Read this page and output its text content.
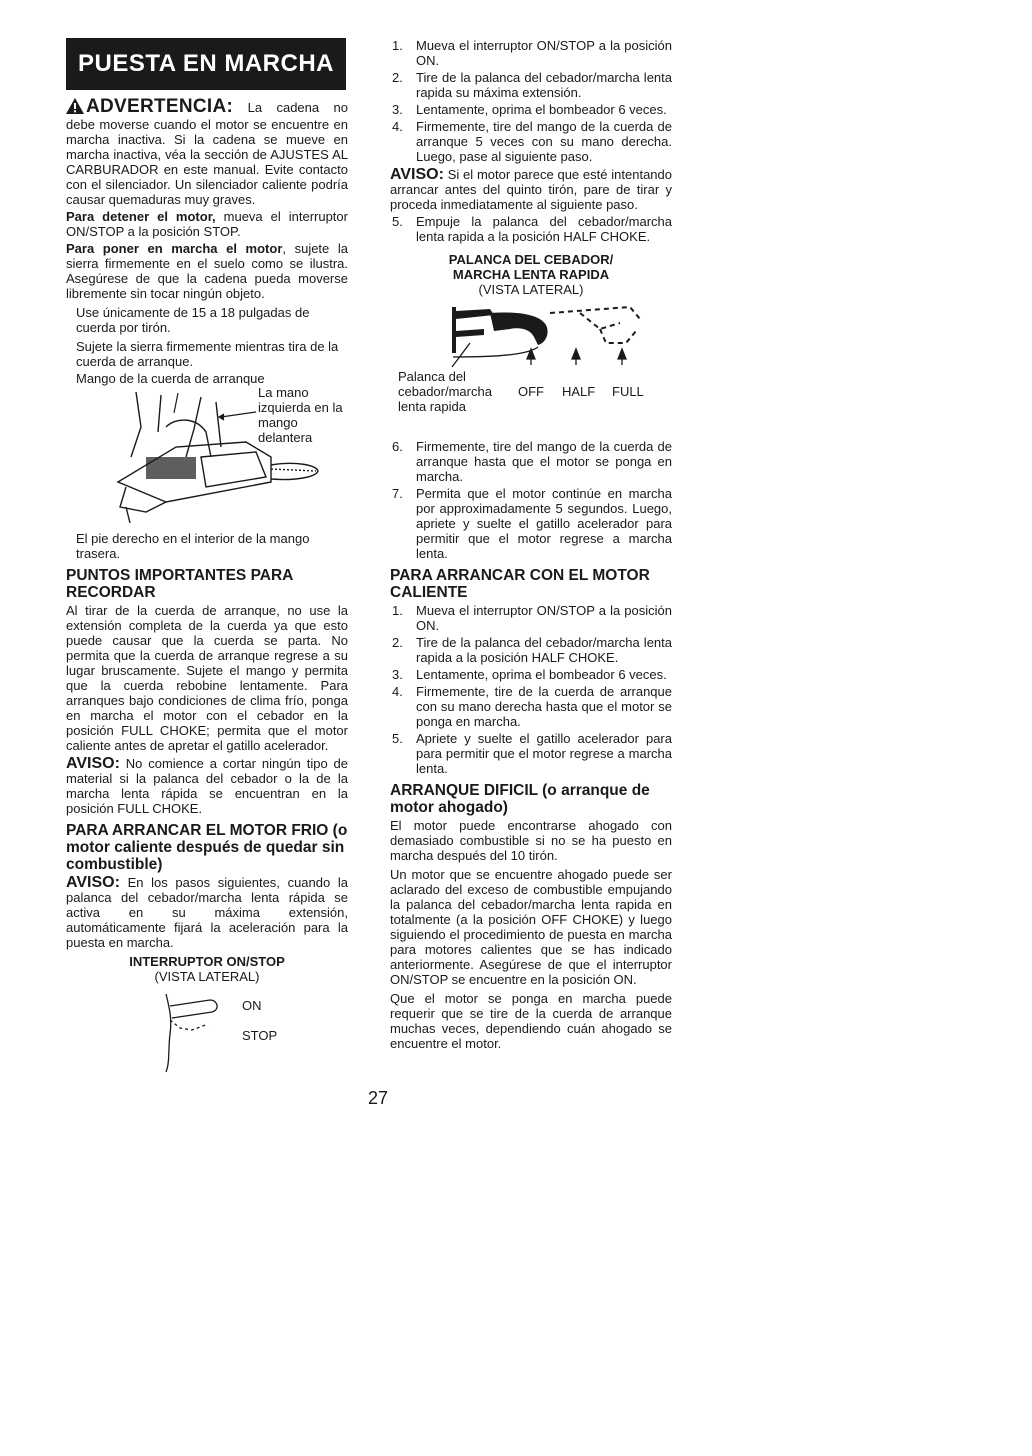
PUESTA EN MARCHA

ADVERTENCIA: La cadena no debe moverse cuando el motor se encuentre en marcha inactiva. Si la cadena se mueve en marcha inactiva, véa la sección de AJUSTES AL CARBURADOR en este manual. Evite contacto con el silenciador. Un silenciador caliente podría causar quemaduras muy graves.

Para detener el motor, mueva el interruptor ON/STOP a la posición STOP.

Para poner en marcha el motor, sujete la sierra firmemente en el suelo como se ilustra. Asegúrese de que la cadena pueda moverse libremente sin tocar ningún objeto.

Use únicamente de 15 a 18 pulgadas de cuerda por tirón.

Sujete la sierra firmemente mientras tira de la cuerda de arranque.

Mango de la cuerda de arranque
La mano izquierda en la mango delantera

El pie derecho en el interior de la mango trasera.

PUNTOS IMPORTANTES PARA RECORDAR

Al tirar de la cuerda de arranque, no use la extensión completa de la cuerda ya que esto puede causar que la cuerda se parta. No permita que la cuerda de arranque regrese a su lugar bruscamente. Sujete el mango y permita que la cuerda rebobine lentamente. Para arranques bajo condiciones de clima frío, ponga en marcha el motor con el cebador en la posición FULL CHOKE; permita que el motor caliente antes de apretar el gatillo acelerador.

AVISO: No comience a cortar ningún tipo de material si la palanca del cebador o la de la marcha lenta rápida se encuentran en la posición FULL CHOKE.

PARA ARRANCAR EL MOTOR FRIO (o motor caliente después de quedar sin combustible)

AVISO: En los pasos siguientes, cuando la palanca del cebador/marcha lenta rápida se activa en su máxima extensión, automáticamente fijará la aceleración para la puesta en marcha.

INTERRUPTOR ON/STOP

(VISTA LATERAL)

ON
STOP
1. Mueva el interruptor ON/STOP a la posición ON.
2. Tire de la palanca del cebador/marcha lenta rapida su máxima extensión.
3. Lentamente, oprima el bombeador 6 veces.
4. Firmemente, tire del mango de la cuerda de arranque 5 veces con su mano derecha. Luego, pase al siguiente paso.

AVISO: Si el motor parece que esté intentando arrancar antes del quinto tirón, pare de tirar y proceda inmediatamente al siguiente paso.

5. Empuje la palanca del cebador/marcha lenta rapida a la posición HALF CHOKE.

PALANCA DEL CEBADOR/

MARCHA LENTA RAPIDA

(VISTA LATERAL)

Palanca del cebador/marcha lenta rapida
OFF HALF FULL
6. Firmemente, tire del mango de la cuerda de arranque hasta que el motor se ponga en marcha.
7. Permita que el motor continúe en marcha por approximadamente 5 segundos. Luego, apriete y suelte el gatillo acelerador para permitir que el motor regrese a marcha lenta.
PARA ARRANCAR CON EL MOTOR CALIENTE
1. Mueva el interruptor ON/STOP a la posición ON.
2. Tire de la palanca del cebador/marcha lenta rapida a la posición HALF CHOKE.
3. Lentamente, oprima el bombeador 6 veces.
4. Firmemente, tire de la cuerda de arranque con su mano derecha hasta que el motor se ponga en marcha.
5. Apriete y suelte el gatillo acelerador para para permitir que el motor regrese a marcha lenta.
ARRANQUE DIFICIL (o arranque de motor ahogado)

El motor puede encontrarse ahogado con demasiado combustible si no se ha puesto en marcha después del 10 tirón.

Un motor que se encuentre ahogado puede ser aclarado del exceso de combustible empujando la palanca del cebador/marcha lenta rapida en totalmente (a la posición OFF CHOKE) y luego siguiendo el procedimiento de puesta en marcha para motores calientes que se has indicado anteriormente. Asegúrese de que el interruptor ON/STOP se encuentre en la posición ON.

Que el motor se ponga en marcha puede requerir que se tire de la cuerda de arranque muchas veces, dependiendo cuán ahogado se encuentre el motor.

27
